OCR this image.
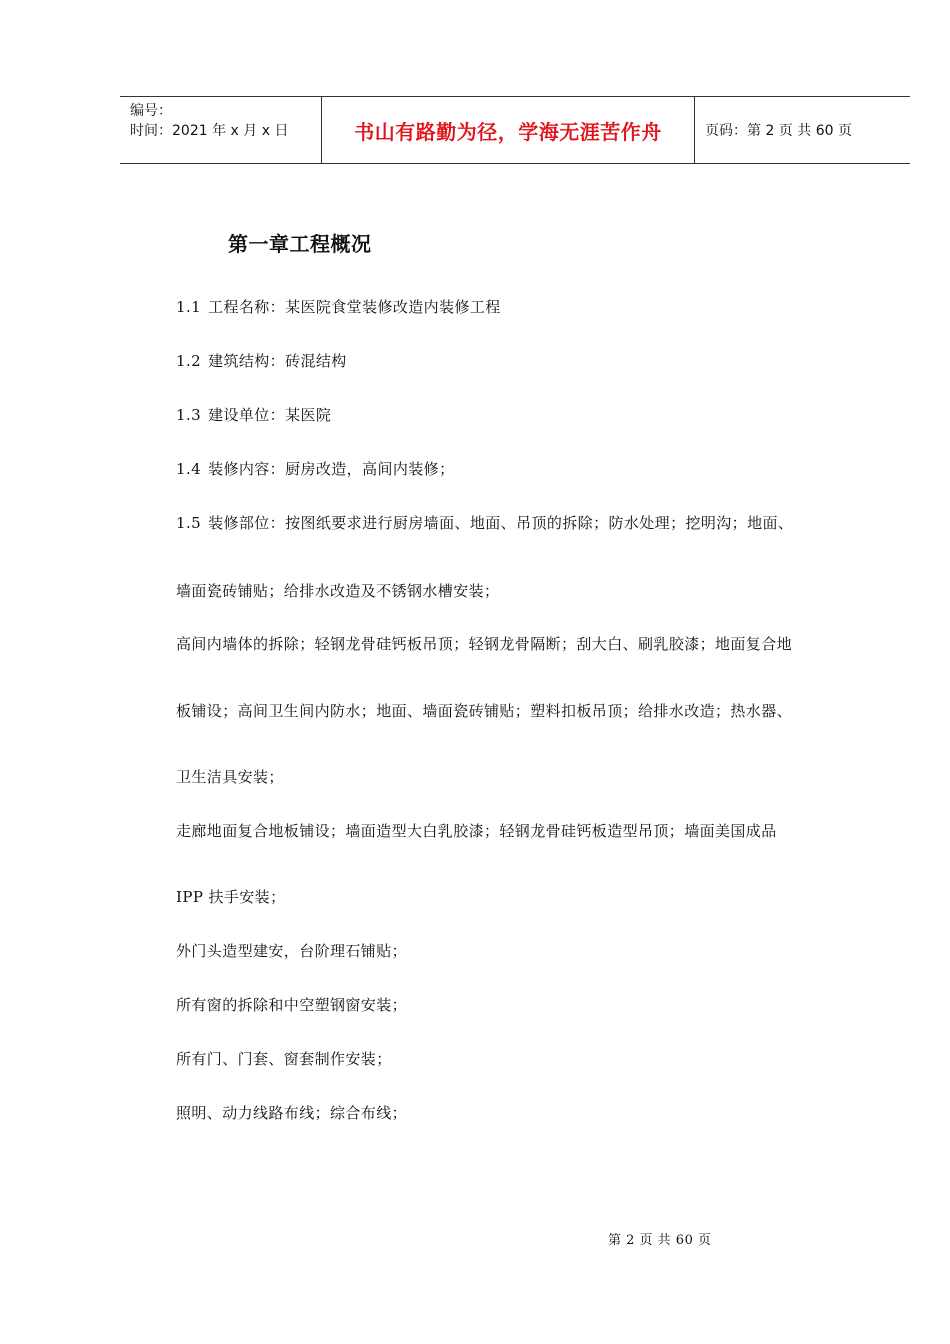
编号：
时间：2021 年 x 月 x 日	书山有路勤为径，学海无涯苦作舟	页码：第 2 页 共 60 页
第一章工程概况
1.1 工程名称：某医院食堂装修改造内装修工程
1.2 建筑结构：砖混结构
1.3 建设单位：某医院
1.4 装修内容：厨房改造，高间内装修；
1.5 装修部位：按图纸要求进行厨房墙面、地面、吊顶的拆除；防水处理；挖明沟；地面、
墙面瓷砖铺贴；给排水改造及不锈钢水槽安装；
高间内墙体的拆除；轻钢龙骨硅钙板吊顶；轻钢龙骨隔断；刮大白、刷乳胶漆；地面复合地
板铺设；高间卫生间内防水；地面、墙面瓷砖铺贴；塑料扣板吊顶；给排水改造；热水器、
卫生洁具安装；
走廊地面复合地板铺设；墙面造型大白乳胶漆；轻钢龙骨硅钙板造型吊顶；墙面美国成品
IPP 扶手安装；
外门头造型建安，台阶理石铺贴；
所有窗的拆除和中空塑钢窗安装；
所有门、门套、窗套制作安装；
照明、动力线路布线；综合布线；
第 2 页 共 60 页
